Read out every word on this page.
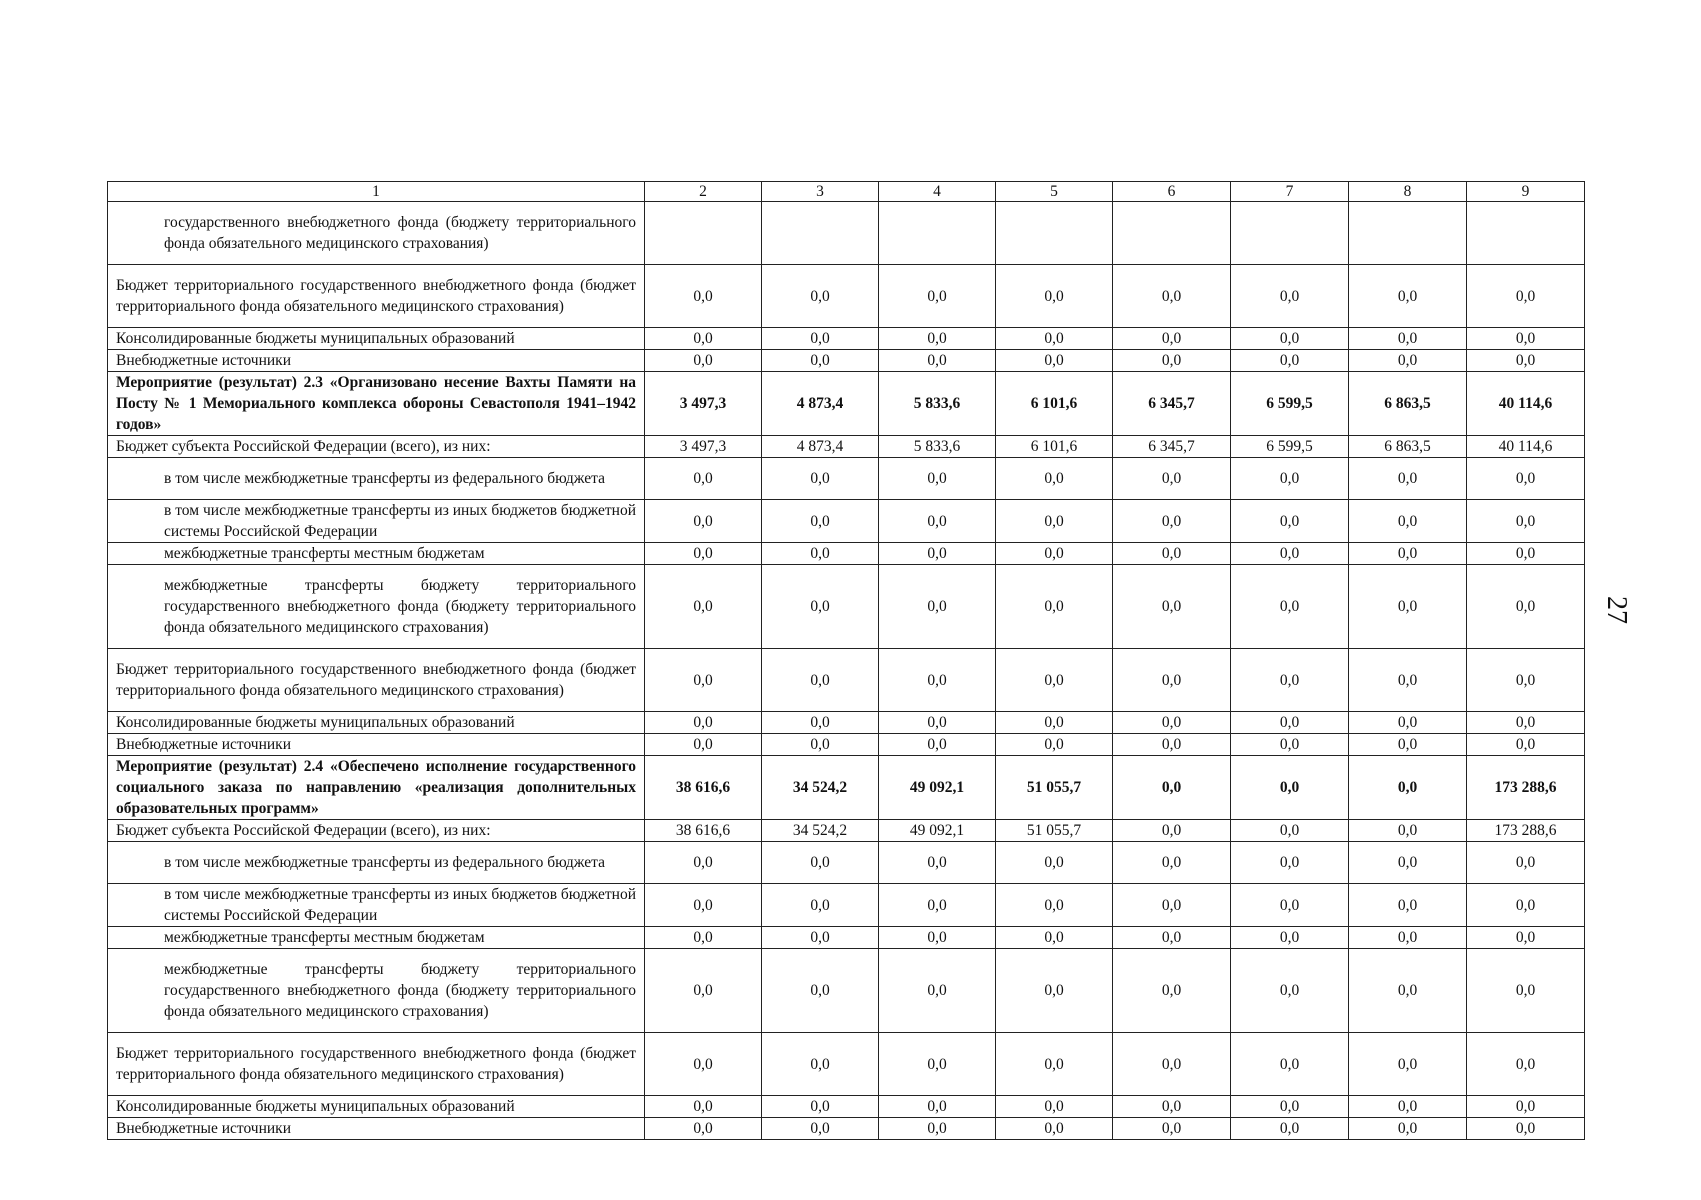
1	2	3	4	5	6	7	8	9
государственного внебюджетного фонда (бюджету территориального фонда обязательного медицинского страхования)								
Бюджет территориального государственного внебюджетного фонда (бюджет территориального фонда обязательного медицинского страхования)	0,0	0,0	0,0	0,0	0,0	0,0	0,0	0,0
Консолидированные бюджеты муниципальных образований	0,0	0,0	0,0	0,0	0,0	0,0	0,0	0,0
Внебюджетные источники	0,0	0,0	0,0	0,0	0,0	0,0	0,0	0,0
Мероприятие (результат) 2.3 «Организовано несение Вахты Памяти на Посту № 1 Мемориального комплекса обороны Севастополя 1941–1942 годов»	3 497,3	4 873,4	5 833,6	6 101,6	6 345,7	6 599,5	6 863,5	40 114,6
Бюджет субъекта Российской Федерации (всего), из них:	3 497,3	4 873,4	5 833,6	6 101,6	6 345,7	6 599,5	6 863,5	40 114,6
в том числе межбюджетные трансферты из федерального бюджета	0,0	0,0	0,0	0,0	0,0	0,0	0,0	0,0
в том числе межбюджетные трансферты из иных бюджетов бюджетной системы Российской Федерации	0,0	0,0	0,0	0,0	0,0	0,0	0,0	0,0
межбюджетные трансферты местным бюджетам	0,0	0,0	0,0	0,0	0,0	0,0	0,0	0,0
межбюджетные трансферты бюджету территориального государственного внебюджетного фонда (бюджету территориального фонда обязательного медицинского страхования)	0,0	0,0	0,0	0,0	0,0	0,0	0,0	0,0
Бюджет территориального государственного внебюджетного фонда (бюджет территориального фонда обязательного медицинского страхования)	0,0	0,0	0,0	0,0	0,0	0,0	0,0	0,0
Консолидированные бюджеты муниципальных образований	0,0	0,0	0,0	0,0	0,0	0,0	0,0	0,0
Внебюджетные источники	0,0	0,0	0,0	0,0	0,0	0,0	0,0	0,0
Мероприятие (результат) 2.4 «Обеспечено исполнение государственного социального заказа по направлению «реализация дополнительных образовательных программ»	38 616,6	34 524,2	49 092,1	51 055,7	0,0	0,0	0,0	173 288,6
Бюджет субъекта Российской Федерации (всего), из них:	38 616,6	34 524,2	49 092,1	51 055,7	0,0	0,0	0,0	173 288,6
в том числе межбюджетные трансферты из федерального бюджета	0,0	0,0	0,0	0,0	0,0	0,0	0,0	0,0
в том числе межбюджетные трансферты из иных бюджетов бюджетной системы Российской Федерации	0,0	0,0	0,0	0,0	0,0	0,0	0,0	0,0
межбюджетные трансферты местным бюджетам	0,0	0,0	0,0	0,0	0,0	0,0	0,0	0,0
межбюджетные трансферты бюджету территориального государственного внебюджетного фонда (бюджету территориального фонда обязательного медицинского страхования)	0,0	0,0	0,0	0,0	0,0	0,0	0,0	0,0
Бюджет территориального государственного внебюджетного фонда (бюджет территориального фонда обязательного медицинского страхования)	0,0	0,0	0,0	0,0	0,0	0,0	0,0	0,0
Консолидированные бюджеты муниципальных образований	0,0	0,0	0,0	0,0	0,0	0,0	0,0	0,0
Внебюджетные источники	0,0	0,0	0,0	0,0	0,0	0,0	0,0	0,0
27
